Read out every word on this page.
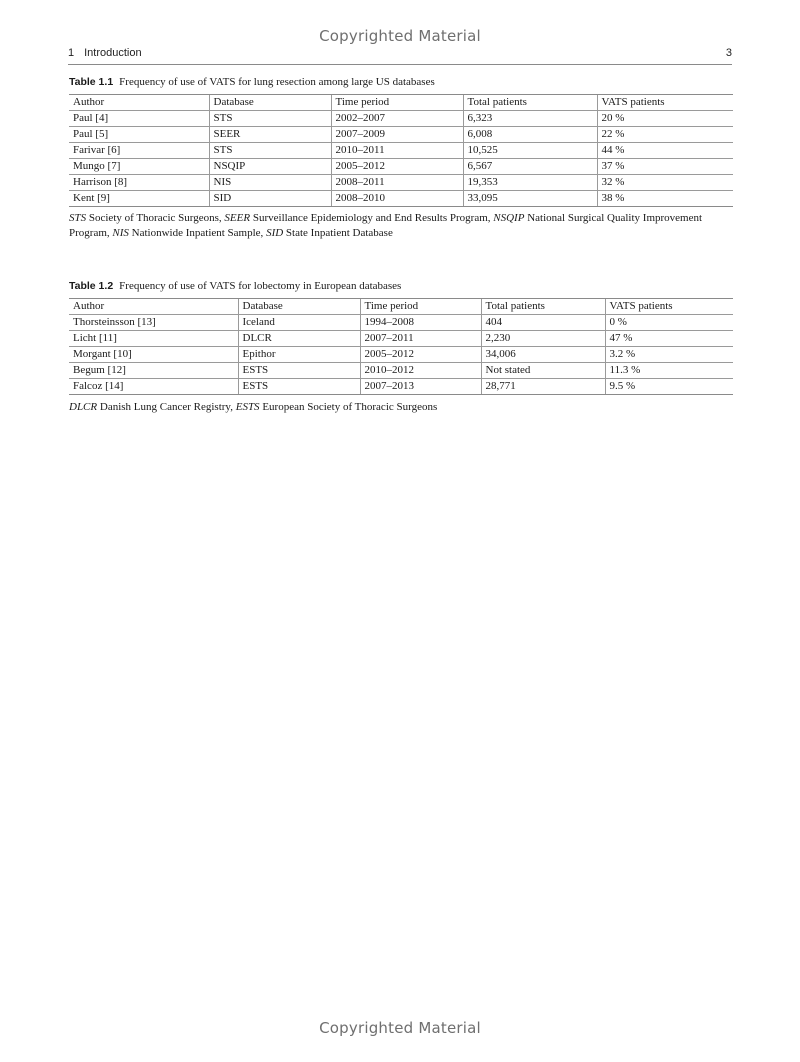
Copyrighted Material
1 Introduction	3
Table 1.1 Frequency of use of VATS for lung resection among large US databases
Author	Database	Time period	Total patients	VATS patients
Paul [4]	STS	2002–2007	6,323	20 %
Paul [5]	SEER	2007–2009	6,008	22 %
Farivar [6]	STS	2010–2011	10,525	44 %
Mungo [7]	NSQIP	2005–2012	6,567	37 %
Harrison [8]	NIS	2008–2011	19,353	32 %
Kent [9]	SID	2008–2010	33,095	38 %
STS Society of Thoracic Surgeons, SEER Surveillance Epidemiology and End Results Program, NSQIP National Surgical Quality Improvement Program, NIS Nationwide Inpatient Sample, SID State Inpatient Database
Table 1.2 Frequency of use of VATS for lobectomy in European databases
Author	Database	Time period	Total patients	VATS patients
Thorsteinsson [13]	Iceland	1994–2008	404	0 %
Licht [11]	DLCR	2007–2011	2,230	47 %
Morgant [10]	Epithor	2005–2012	34,006	3.2 %
Begum [12]	ESTS	2010–2012	Not stated	11.3 %
Falcoz [14]	ESTS	2007–2013	28,771	9.5 %
DLCR Danish Lung Cancer Registry, ESTS European Society of Thoracic Surgeons
Copyrighted Material
